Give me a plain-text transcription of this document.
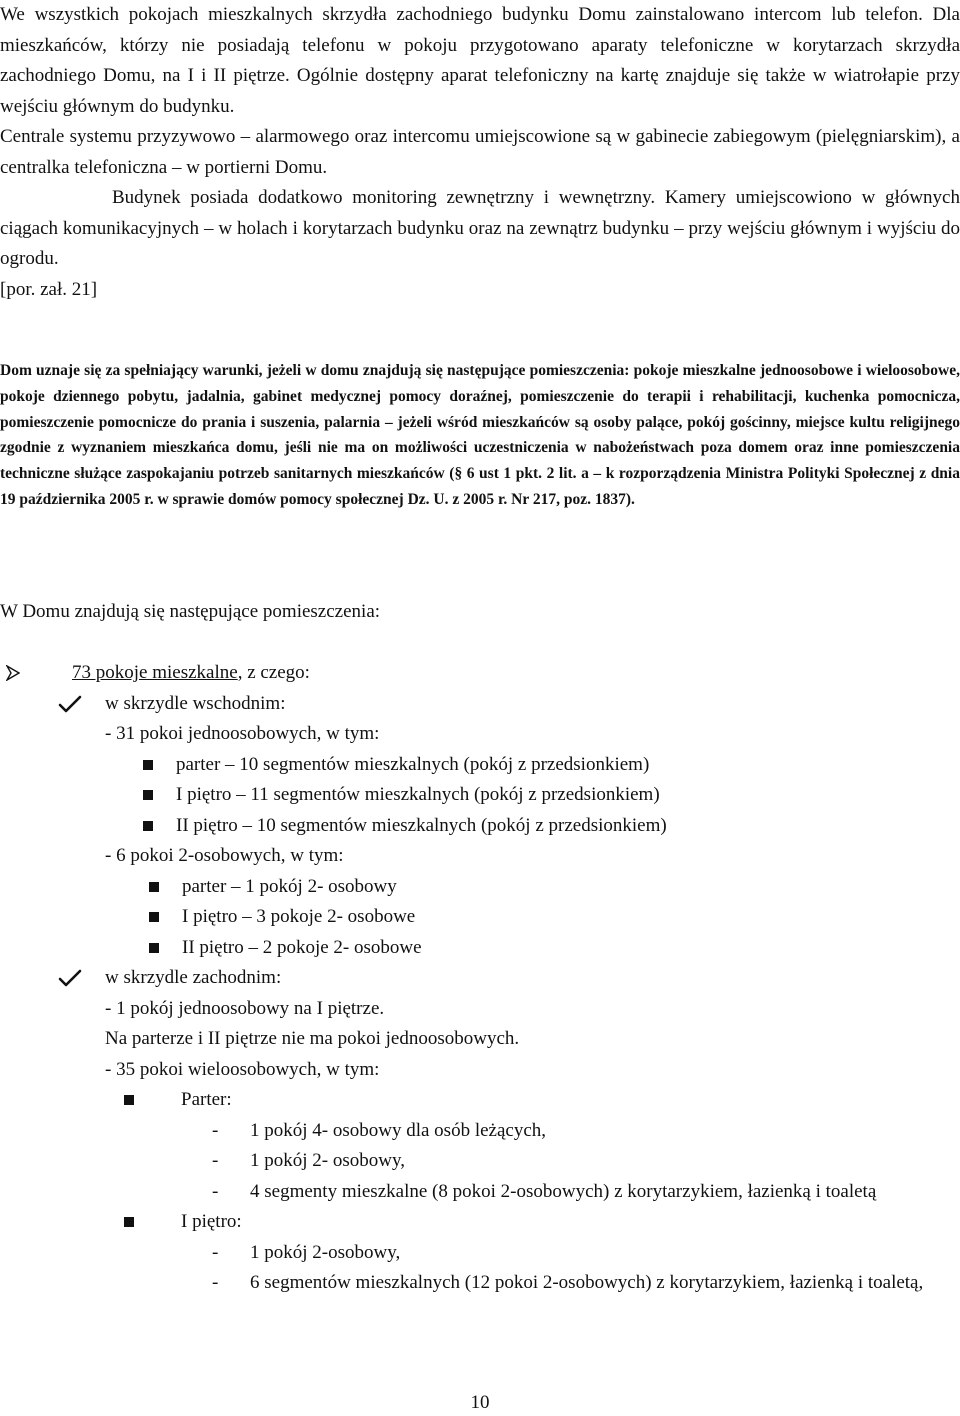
We wszystkich pokojach mieszkalnych skrzydła zachodniego budynku Domu zainstalowano intercom lub telefon. Dla mieszkańców, którzy nie posiadają telefonu w pokoju przygotowano aparaty telefoniczne w korytarzach skrzydła zachodniego Domu, na I i II piętrze. Ogólnie dostępny aparat telefoniczny na kartę znajduje się także w wiatrołapie przy wejściu głównym do budynku.

Centrale systemu przyzywowo – alarmowego oraz intercomu umiejscowione są w gabinecie zabiegowym (pielęgniarskim), a centralka telefoniczna – w portierni Domu.

Budynek posiada dodatkowo monitoring zewnętrzny i wewnętrzny. Kamery umiejscowiono w głównych ciągach komunikacyjnych – w holach i korytarzach budynku oraz na zewnątrz budynku – przy wejściu głównym i wyjściu do ogrodu.

[por. zał. 21]

Dom uznaje się za spełniający warunki, jeżeli w domu znajdują się następujące pomieszczenia: pokoje mieszkalne jednoosobowe i wieloosobowe, pokoje dziennego pobytu, jadalnia, gabinet medycznej pomocy doraźnej, pomieszczenie do terapii i rehabilitacji, kuchenka pomocnicza, pomieszczenie pomocnicze do prania i suszenia, palarnia – jeżeli wśród mieszkańców są osoby palące, pokój gościnny, miejsce kultu religijnego zgodnie z wyznaniem mieszkańca domu, jeśli nie ma on możliwości uczestniczenia w nabożeństwach poza domem oraz inne pomieszczenia techniczne służące zaspokajaniu potrzeb sanitarnych mieszkańców (§ 6 ust 1 pkt. 2 lit. a – k rozporządzenia Ministra Polityki Społecznej z dnia 19 października 2005 r. w sprawie domów pomocy społecznej Dz. U. z 2005 r. Nr 217, poz. 1837).

W Domu znajdują się następujące pomieszczenia:

73 pokoje mieszkalne, z czego:
w skrzydle wschodnim:
- 31 pokoi jednoosobowych, w tym:
parter – 10 segmentów mieszkalnych (pokój z przedsionkiem)
I piętro – 11 segmentów mieszkalnych (pokój z przedsionkiem)
II piętro – 10 segmentów mieszkalnych (pokój z przedsionkiem)
- 6 pokoi 2-osobowych, w tym:
parter – 1 pokój 2- osobowy
I piętro – 3 pokoje 2- osobowe
II piętro – 2 pokoje 2- osobowe
w skrzydle zachodnim:
- 1 pokój jednoosobowy na I piętrze.
Na parterze i II piętrze nie ma pokoi jednoosobowych.
- 35 pokoi wieloosobowych, w tym:
Parter:
- 1 pokój 4- osobowy dla osób leżących,
- 1 pokój 2- osobowy,
- 4 segmenty mieszkalne (8 pokoi 2-osobowych) z korytarzykiem, łazienką i toaletą
I piętro:
- 1 pokój 2-osobowy,
- 6 segmentów mieszkalnych (12 pokoi 2-osobowych) z korytarzykiem, łazienką i toaletą,
10
